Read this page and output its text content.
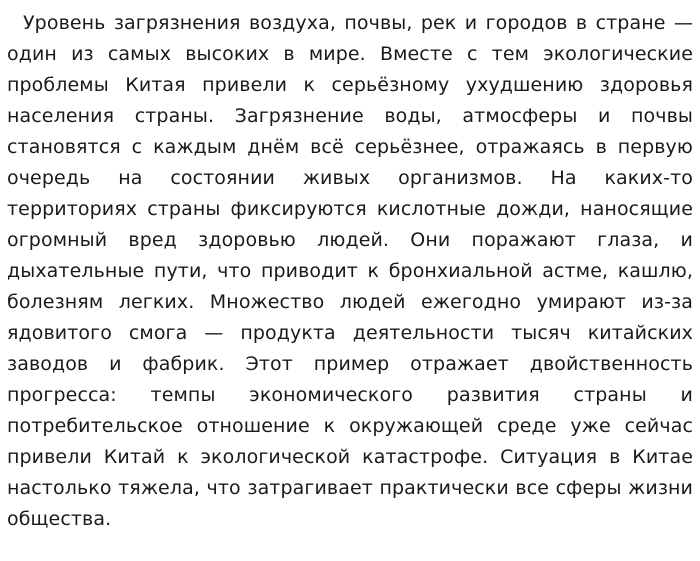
Уровень загрязнения воздуха, почвы, рек и городов в стране — один из самых высоких в мире. Вместе с тем экологические проблемы Китая привели к серьёзному ухудшению здоровья населения страны. Загрязнение воды, атмосферы и почвы становятся с каждым днём всё серьёзнее, отражаясь в первую очередь на состоянии живых организмов. На каких-то территориях страны фиксируются кислотные дожди, наносящие огромный вред здоровью людей. Они поражают глаза, и дыхательные пути, что приводит к бронхиальной астме, кашлю, болезням легких. Множество людей ежегодно умирают из-за ядовитого смога — продукта деятельности тысяч китайских заводов и фабрик. Этот пример отражает двойственность прогресса: темпы экономического развития страны и потребительское отношение к окружающей среде уже сейчас привели Китай к экологической катастрофе. Ситуация в Китае настолько тяжела, что затрагивает практически все сферы жизни общества.
